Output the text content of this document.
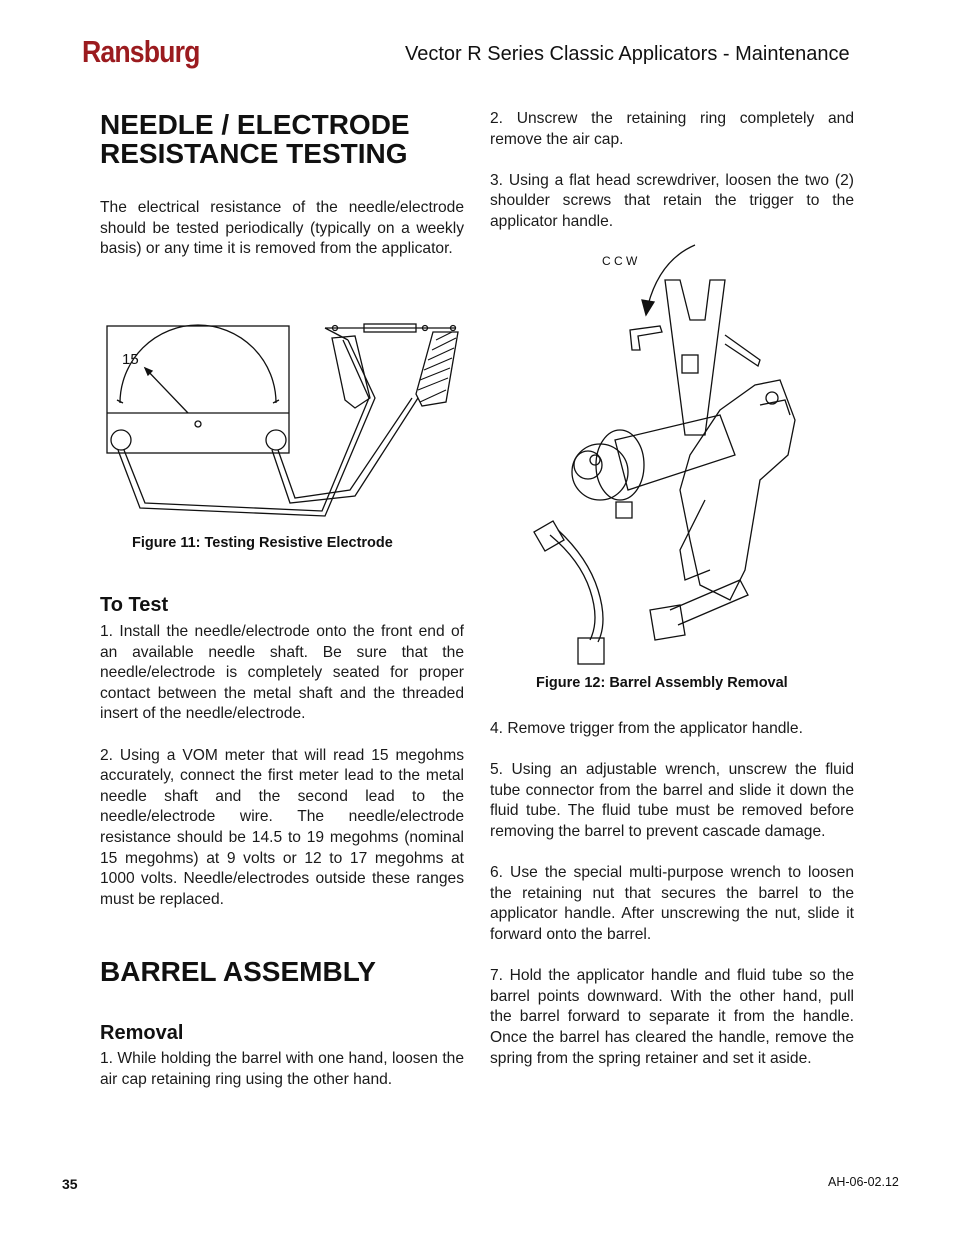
Ransburg	Vector R Series Classic Applicators - Maintenance
NEEDLE / ELECTRODE RESISTANCE TESTING

The electrical resistance of the needle/electrode should be tested periodically (typically on a weekly basis) or any time it is removed from the applicator.

15
Figure 11: Testing Resistive Electrode
To Test

1. Install the needle/electrode onto the front end of an available needle shaft. Be sure that the needle/electrode is completely seated for proper contact between the metal shaft and the threaded insert of the needle/electrode.

2. Using a VOM meter that will read 15 megohms accurately, connect the first meter lead to the metal needle shaft and the second lead to the needle/electrode wire. The needle/electrode resistance should be 14.5 to 19 megohms (nominal 15 megohms) at 9 volts or 12 to 17 megohms at 1000 volts. Needle/electrodes outside these ranges must be replaced.

BARREL ASSEMBLY
Removal

1. While holding the barrel with one hand, loosen the air cap retaining ring using the other hand.

2. Unscrew the retaining ring completely and remove the air cap.

3. Using a flat head screwdriver, loosen the two (2) shoulder screws that retain the trigger to the applicator handle.

C C W
Figure 12: Barrel Assembly Removal

4. Remove trigger from the applicator handle.

5. Using an adjustable wrench, unscrew the fluid tube connector from the barrel and slide it down the fluid tube. The fluid tube must be removed before removing the barrel to prevent cascade damage.

6. Use the special multi-purpose wrench to loosen the retaining nut that secures the barrel to the applicator handle. After unscrewing the nut, slide it forward onto the barrel.

7. Hold the applicator handle and fluid tube so the barrel points downward. With the other hand, pull the barrel forward to separate it from the handle. Once the barrel has cleared the handle, remove the spring from the spring retainer and set it aside.

35	AH-06-02.12
